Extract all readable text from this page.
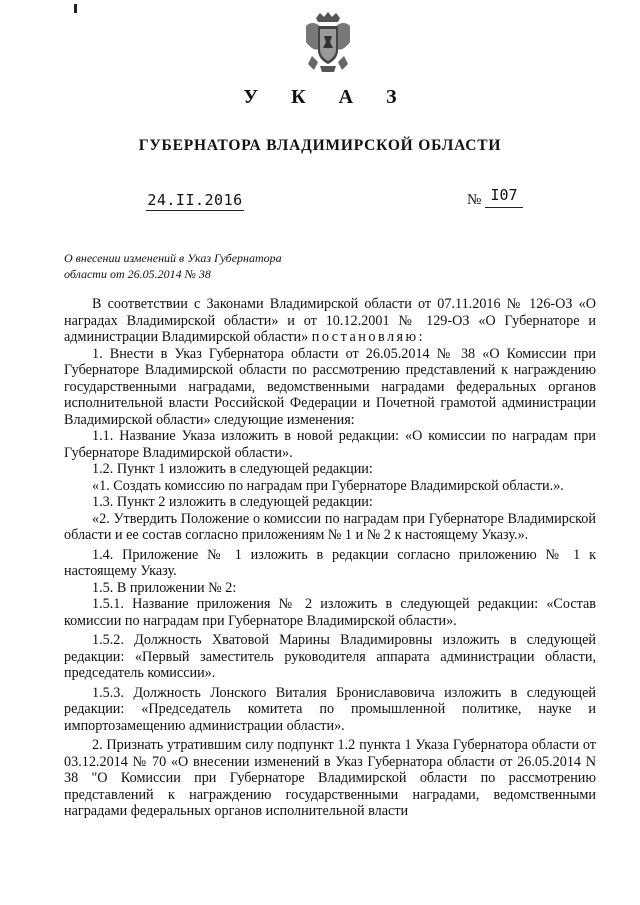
У К А З
ГУБЕРНАТОРА ВЛАДИМИРСКОЙ ОБЛАСТИ
24.II.2016	№ I07
О внесении изменений в Указ Губернатора
области от 26.05.2014 № 38

В соответствии с Законами Владимирской области от 07.11.2016 № 126-ОЗ «О наградах Владимирской области» и от 10.12.2001 № 129-ОЗ «О Губернаторе и администрации Владимирской области» постановляю:

1. Внести в Указ Губернатора области от 26.05.2014 № 38 «О Комиссии при Губернаторе Владимирской области по рассмотрению представлений к награждению государственными наградами, ведомственными наградами федеральных органов исполнительной власти Российской Федерации и Почетной грамотой администрации Владимирской области» следующие изменения:

1.1. Название Указа изложить в новой редакции: «О комиссии по наградам при Губернаторе Владимирской области».

1.2. Пункт 1 изложить в следующей редакции:

«1. Создать комиссию по наградам при Губернаторе Владимирской области.».

1.3. Пункт 2 изложить в следующей редакции:

«2. Утвердить Положение о комиссии по наградам при Губернаторе Владимирской области и ее состав согласно приложениям № 1 и № 2 к настоящему Указу.».

1.4. Приложение № 1 изложить в редакции согласно приложению № 1 к настоящему Указу.

1.5. В приложении № 2:

1.5.1. Название приложения № 2 изложить в следующей редакции: «Состав комиссии по наградам при Губернаторе Владимирской области».

1.5.2. Должность Хватовой Марины Владимировны изложить в следующей редакции: «Первый заместитель руководителя аппарата администрации области, председатель комиссии».

1.5.3. Должность Лонского Виталия Брониславовича изложить в следующей редакции: «Председатель комитета по промышленной политике, науке и импортозамещению администрации области».

2. Признать утратившим силу подпункт 1.2 пункта 1 Указа Губернатора области от 03.12.2014 № 70 «О внесении изменений в Указ Губернатора области от 26.05.2014 N 38 "О Комиссии при Губернаторе Владимирской области по рассмотрению представлений к награждению государственными наградами, ведомственными наградами федеральных органов исполнительной власти
